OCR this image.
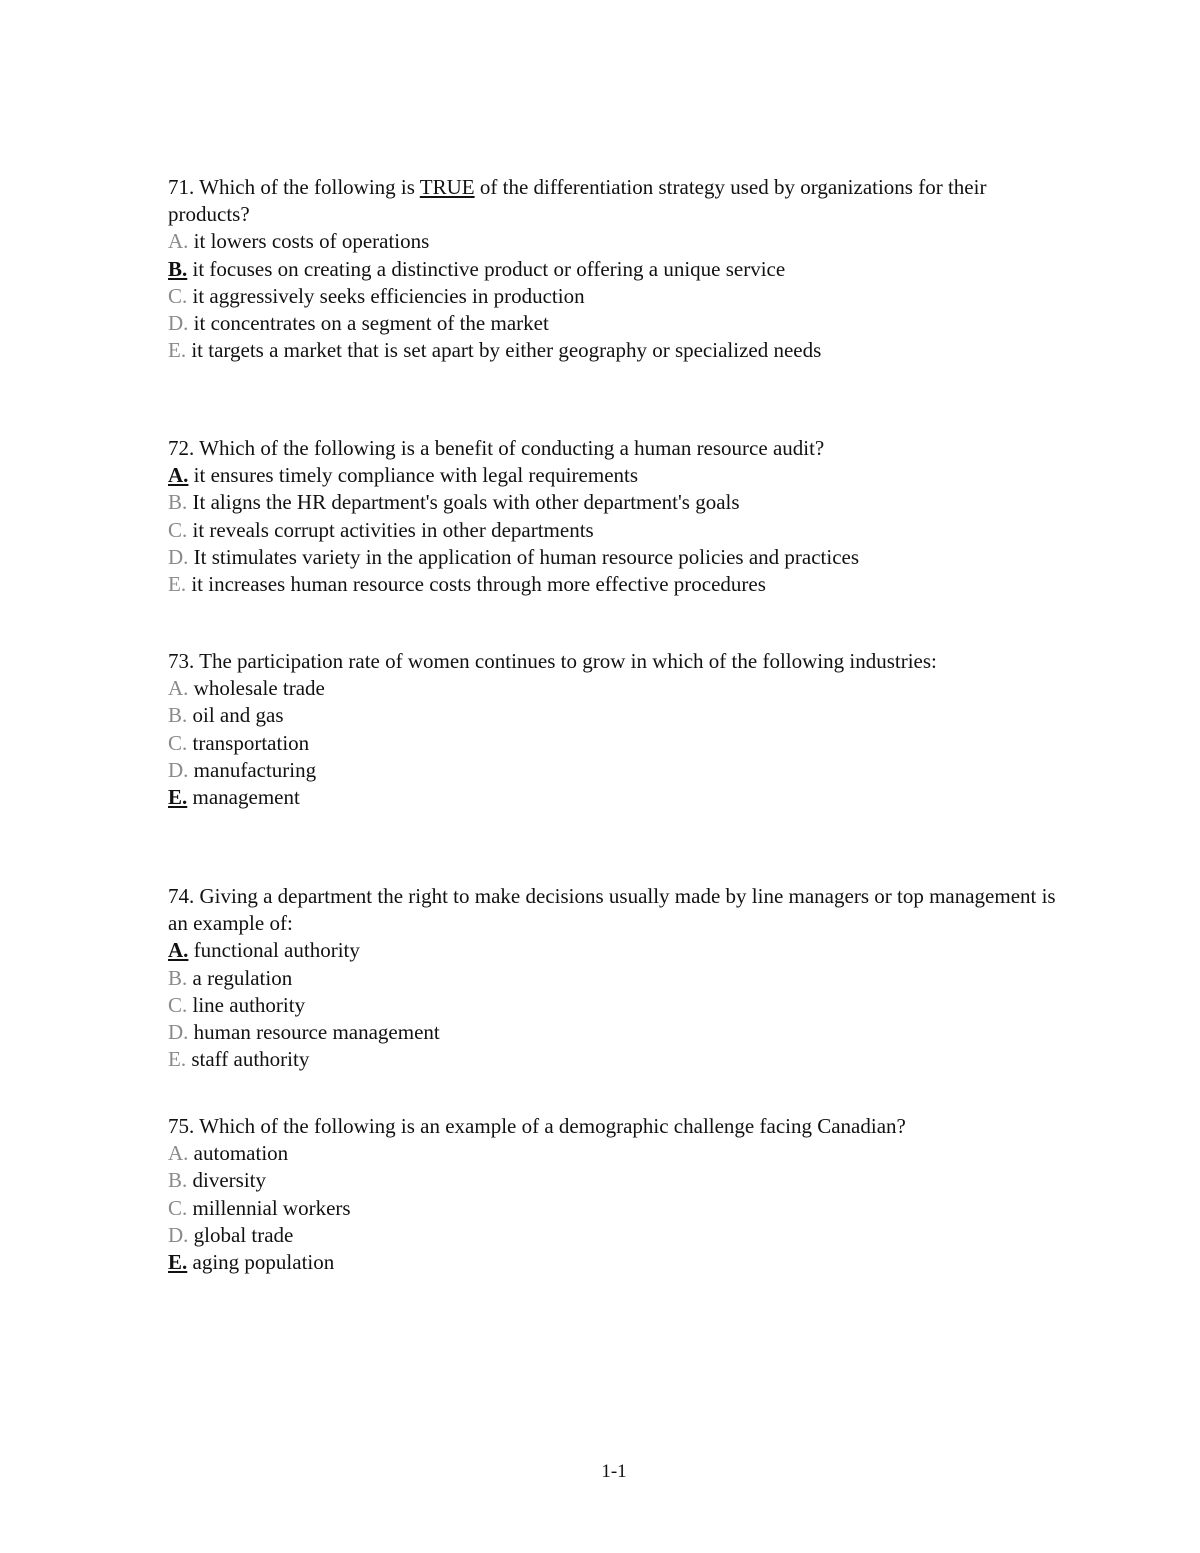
71. Which of the following is TRUE of the differentiation strategy used by organizations for their products?
A. it lowers costs of operations
B. it focuses on creating a distinctive product or offering a unique service
C. it aggressively seeks efficiencies in production
D. it concentrates on a segment of the market
E. it targets a market that is set apart by either geography or specialized needs
72. Which of the following is a benefit of conducting a human resource audit?
A. it ensures timely compliance with legal requirements
B. It aligns the HR department's goals with other department's goals
C. it reveals corrupt activities in other departments
D. It stimulates variety in the application of human resource policies and practices
E. it increases human resource costs through more effective procedures
73. The participation rate of women continues to grow in which of the following industries:
A. wholesale trade
B. oil and gas
C. transportation
D. manufacturing
E. management
74. Giving a department the right to make decisions usually made by line managers or top management is an example of:
A. functional authority
B. a regulation
C. line authority
D. human resource management
E. staff authority
75. Which of the following is an example of a demographic challenge facing Canadian?
A. automation
B. diversity
C. millennial workers
D. global trade
E. aging population
1-1
